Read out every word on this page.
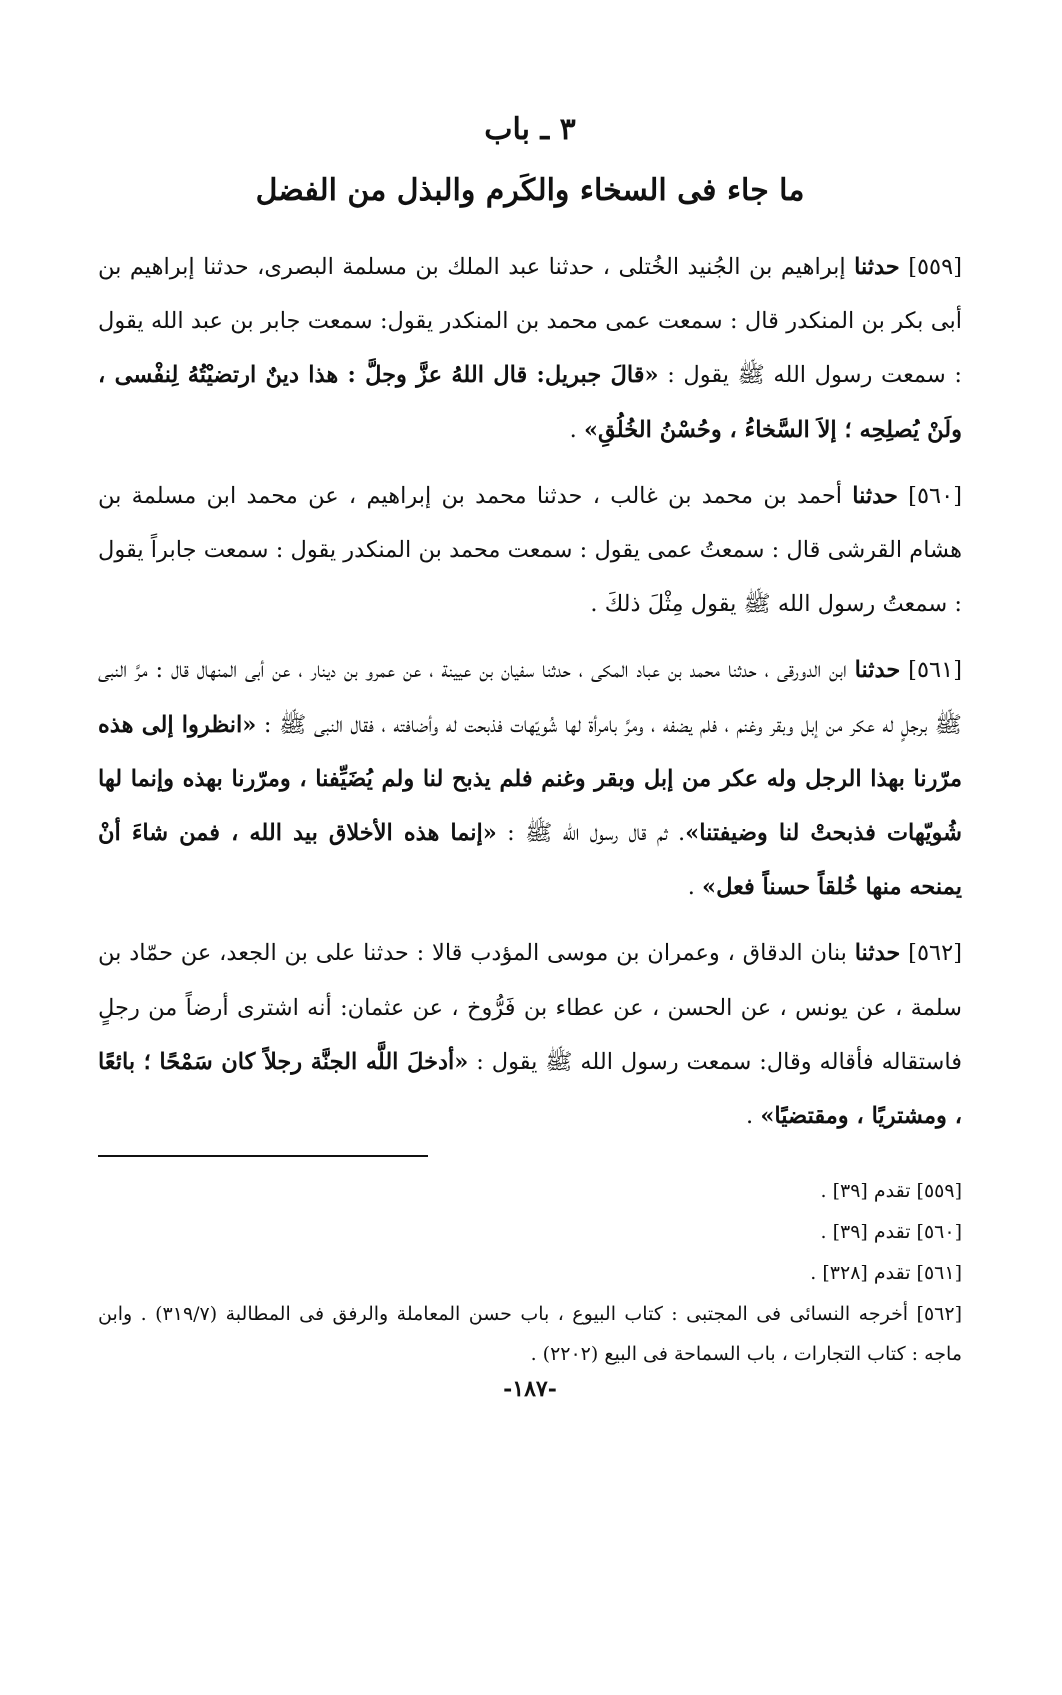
٣ ـ باب
ما جاء فى السخاء والكَرم والبذل من الفضل
[٥٥٩] حدثنا إبراهيم بن الجُنيد الخُتلى ، حدثنا عبد الملك بن مسلمة البصرى، حدثنا إبراهيم بن أبى بكر بن المنكدر قال : سمعت عمى محمد بن المنكدر يقول: سمعت جابر بن عبد الله يقول : سمعت رسول الله ﷺ يقول : «قالَ جبريل: قال اللهُ عزَّ وجلَّ : هذا دينٌ ارتضيْتُهُ لِنفْسى ، ولَنْ يُصلِحِه ؛ إلاَ السَّخاءُ ، وحُسْنُ الخُلُقِ» .
[٥٦٠] حدثنا أحمد بن محمد بن غالب ، حدثنا محمد بن إبراهيم ، عن محمد ابن مسلمة بن هشام القرشى قال : سمعتُ عمى يقول : سمعت محمد بن المنكدر يقول : سمعت جابراً يقول : سمعتُ رسول الله ﷺ يقول مِثْلَ ذلكَ .
[٥٦١] حدثنا ابن الدورقى ، حدثنا محمد بن عباد المكى ، حدثنا سفيان بن عيينة ، عن عمرو بن دينار ، عن أبى المنهال قال : مرَّ النبى ﷺ برجلٍ له عكر من إبل وبقر وغنم ، فلم يضفه ، ومرَّ بامرأة لها شُويّهات فذبحت له وأضافته ، فقال النبى ﷺ : «انظروا إلى هذه مرّرنا بهذا الرجل وله عكر من إبل وبقر وغنم فلم يذبح لنا ولم يُضَيِّفنا ، ومرّرنا بهذه وإنما لها شُويّهات فذبحتْ لنا وضيفتنا». ثم قال رسول الله ﷺ : «إنما هذه الأخلاق بيد الله ، فمن شاءَ أنْ يمنحه منها خُلقاً حسناً فعل» .
[٥٦٢] حدثنا بنان الدقاق ، وعمران بن موسى المؤدب قالا : حدثنا على بن الجعد، عن حمّاد بن سلمة ، عن يونس ، عن الحسن ، عن عطاء بن فَرُّوخ ، عن عثمان: أنه اشترى أرضاً من رجلٍ فاستقاله فأقاله وقال: سمعت رسول الله ﷺ يقول : «أدخلَ اللَّه الجنَّة رجلاً كان سَمْحًا ؛ بائعًا ، ومشتريًا ، ومقتضيًا» .
[٥٥٩] تقدم [٣٩] .
[٥٦٠] تقدم [٣٩] .
[٥٦١] تقدم [٣٢٨] .
[٥٦٢] أخرجه النسائى فى المجتبى : كتاب البيوع ، باب حسن المعاملة والرفق فى المطالبة (٣١٩/٧) . وابن ماجه : كتاب التجارات ، باب السماحة فى البيع (٢٢٠٢) .
-١٨٧-
